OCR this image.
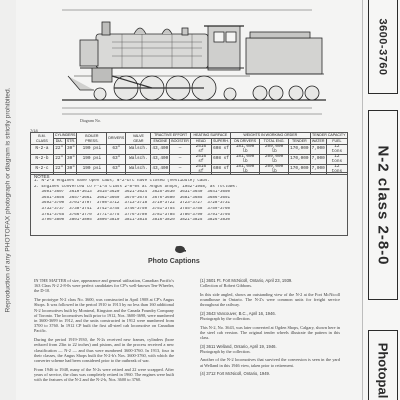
Reproduction of any PHOTOFAX photograph or diagram is strictly prohibited.	Diagram No.
7/18
B.M. CLASS	CYLINDERS		BOILER PRESS.	DRIVERS	VALVE GEAR	TRACTIVE EFFORT		HEATING SURFACE		WEIGHTS IN WORKING ORDER			TENDER CAPACITY	
	DIA.	STR.				ENGINE	BOOSTER	HEAD	SUPERH.	ON DRIVERS	TOTAL ENG.	TENDER	WATER	FUEL
N-2-a	22"	30"	190 psi	63"	Walsch.	43,400	—	2516 sf	608 sf	181,000 lb	209,000 lb	170,000	7,000	12 tons
N-2-b	22"	30"	190 psi	63"	Walsch.	43,400	—	2516 sf	608 sf	181,000 lb	209,000 lb	170,000	7,000	12 tons
N-2-c	22"	30"	190 psi	63"	Walsch.	43,400	—	2516 sf	608 sf	181,000 lb	209,000 lb	170,000	7,000	12 tons
NOTES
1. N-2-a engines have open cabs; N-2-b/c have closed (vestibule) cabs.
2. Engines converted to F-1-a class 2-8-0s at Angus Shops, 1952-1958, as follows:
3601-3607  3610-3613  3615-3620  3621-3624  3625-3630  3631-3640  3641-3650
3651-3656  3657-3661  3662-3669  3670-3675  3676-3680  3681-3685  3686-3691
3692-3700  3701-3707  3708-3712  3713-3718  3719-3722  3723-3727  3728-3731
3732-3737  3738-3741  3742-3745  3746-3750  3751-3754  3755-3758  3759-3760
3761-3765  3766-3770  3771-3775  3776-3780  3781-3785  3786-3790  3791-3795
3796-3800  3801-3805  3806-3810  3811-3815  3816-3820  3821-3825  3826-3830
Photo Captions

IN THE MATTER of size, appearance and general utilization, Canadian Pacific's 163 Class N-2 2-8-0s were perfect candidates for CP's well-known Ten-Wheeler, the D-10.

The prototype N-2 class No. 3600, was constructed in April 1908 at CP's Angus Shops. It was followed in the period 1910 to 1913 by no less than 160 additional N-2 locomotives built by Montreal, Kingston and the Canada Foundry Company of Toronto. The locomotives built prior to 1912, Nos. 3600-3698, were numbered in 3600-3699 in 1912, and the units constructed in 1912 were numbered from 3700 to 3760. In 1912 CP built the first all-steel cab locomotive on Canadian Pacific.

During the period 1919-1930, the N-2s received new frames, cylinders (bore reduced from 23in to 22 inches) and pistons, and in the process received a new classification — N-2 — and thus were numbered 3600-3760. In 1913, four in their classes, the Angus Shops built the N-2-b's Nos. 3600-3760, with which the converter scheme had been considered prior to the outbreak of war.

From 1946 to 1948, many of the N-2s were retired and 22 were scrapped. After years of service, the class was completely retired in 1960. The engines were built with the features of the N-2 and the N-2-b, Nos. 3600 to 3760.

(1) 3601 Ft. Fort McNicoll, Ontario, April 23, 1939.
Collection of Robert Gibbons.
In this side angled, shows an outstanding view of the N-2 at the Fort McNicoll roundhouse in Ontario. The N-2's were common units for freight service throughout the railway.
(2) 3643 Vancouver, B.C., April 16, 1946.
Photograph by the collection.
This N-2, No. 3643, was later converted at Ogden Shops, Calgary, shown here in the steel cab version. The original tender wheels illustrate the pattern in this class.
(3) 3611 Welland, Ontario, April 19, 1946.
Photograph by the collection.
Another of the N-2 locomotives that survived the conversion is seen in the yard at Welland in this 1946 view, taken prior to retirement.
(4) 3712 Fort McNicoll, Ontario, 1949.
3600-3760
N-2 class 2-8-0
Photopal
